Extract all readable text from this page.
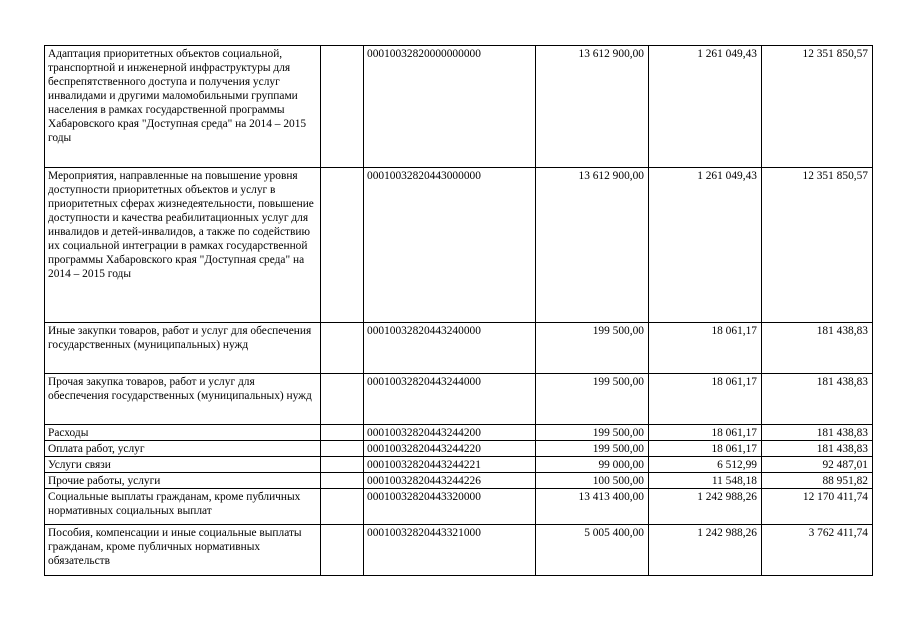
Адаптация приоритетных объектов социальной, транспортной и инженерной инфраструктуры для беспрепятственного доступа и получения услуг инвалидами и другими маломобильными группами населения в рамках государственной программы Хабаровского края "Доступная среда" на 2014 – 2015 годы		00010032820000000000	13 612 900,00	1 261 049,43	12 351 850,57
Мероприятия, направленные на повышение уровня доступности приоритетных объектов и услуг в приоритетных сферах жизнедеятельности, повышение доступности и качества реабилитационных услуг для инвалидов и детей-инвалидов, а также по содействию их социальной интеграции в рамках государственной программы Хабаровского края "Доступная среда" на 2014 – 2015 годы		00010032820443000000	13 612 900,00	1 261 049,43	12 351 850,57
Иные закупки товаров, работ и услуг для обеспечения государственных (муниципальных) нужд		00010032820443240000	199 500,00	18 061,17	181 438,83
Прочая закупка товаров, работ и услуг для обеспечения государственных (муниципальных) нужд		00010032820443244000	199 500,00	18 061,17	181 438,83
Расходы		00010032820443244200	199 500,00	18 061,17	181 438,83
Оплата работ, услуг		00010032820443244220	199 500,00	18 061,17	181 438,83
Услуги связи		00010032820443244221	99 000,00	6 512,99	92 487,01
Прочие работы, услуги		00010032820443244226	100 500,00	11 548,18	88 951,82
Социальные выплаты гражданам, кроме публичных нормативных социальных выплат		00010032820443320000	13 413 400,00	1 242 988,26	12 170 411,74
Пособия, компенсации и иные социальные выплаты гражданам, кроме публичных нормативных обязательств		00010032820443321000	5 005 400,00	1 242 988,26	3 762 411,74
